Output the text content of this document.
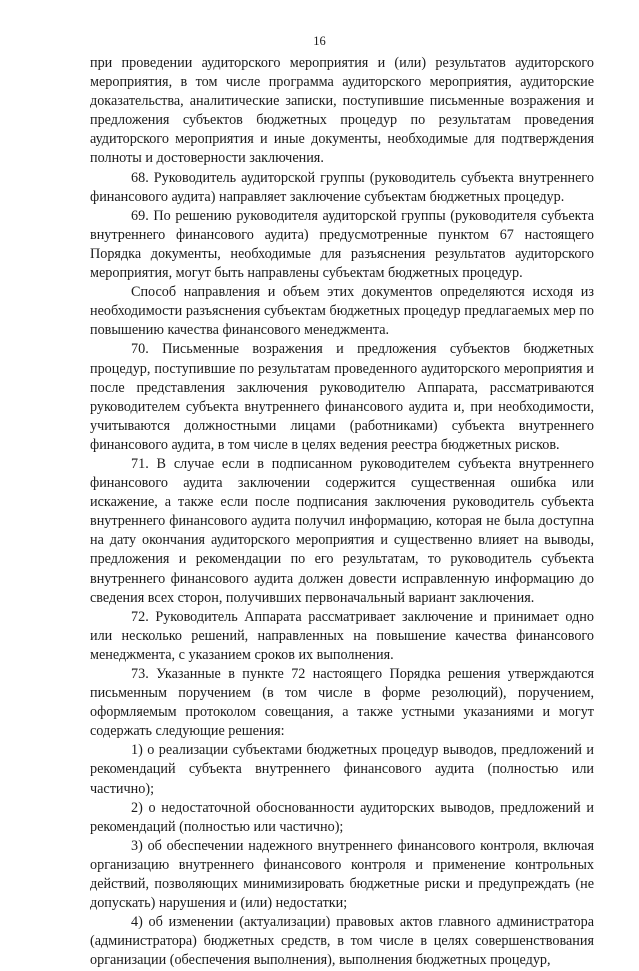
16

при проведении аудиторского мероприятия и (или) результатов аудиторского мероприятия, в том числе программа аудиторского мероприятия, аудиторские доказательства, аналитические записки, поступившие письменные возражения и предложения субъектов бюджетных процедур по результатам проведения аудиторского мероприятия и иные документы, необходимые для подтверждения полноты и достоверности заключения.

68. Руководитель аудиторской группы (руководитель субъекта внутреннего финансового аудита) направляет заключение субъектам бюджетных процедур.

69. По решению руководителя аудиторской группы (руководителя субъекта внутреннего финансового аудита) предусмотренные пунктом 67 настоящего Порядка документы, необходимые для разъяснения результатов аудиторского мероприятия, могут быть направлены субъектам бюджетных процедур.

Способ направления и объем этих документов определяются исходя из необходимости разъяснения субъектам бюджетных процедур предлагаемых мер по повышению качества финансового менеджмента.

70. Письменные возражения и предложения субъектов бюджетных процедур, поступившие по результатам проведенного аудиторского мероприятия и после представления заключения руководителю Аппарата, рассматриваются руководителем субъекта внутреннего финансового аудита и, при необходимости, учитываются должностными лицами (работниками) субъекта внутреннего финансового аудита, в том числе в целях ведения реестра бюджетных рисков.

71. В случае если в подписанном руководителем субъекта внутреннего финансового аудита заключении содержится существенная ошибка или искажение, а также если после подписания заключения руководитель субъекта внутреннего финансового аудита получил информацию, которая не была доступна на дату окончания аудиторского мероприятия и существенно влияет на выводы, предложения и рекомендации по его результатам, то руководитель субъекта внутреннего финансового аудита должен довести исправленную информацию до сведения всех сторон, получивших первоначальный вариант заключения.

72. Руководитель Аппарата рассматривает заключение и принимает одно или несколько решений, направленных на повышение качества финансового менеджмента, с указанием сроков их выполнения.

73. Указанные в пункте 72 настоящего Порядка решения утверждаются письменным поручением (в том числе в форме резолюций), поручением, оформляемым протоколом совещания, а также устными указаниями и могут содержать следующие решения:

1) о реализации субъектами бюджетных процедур выводов, предложений и рекомендаций субъекта внутреннего финансового аудита (полностью или частично);

2) о недостаточной обоснованности аудиторских выводов, предложений и рекомендаций (полностью или частично);

3) об обеспечении надежного внутреннего финансового контроля, включая организацию внутреннего финансового контроля и применение контрольных действий, позволяющих минимизировать бюджетные риски и предупреждать (не допускать) нарушения и (или) недостатки;

4) об изменении (актуализации) правовых актов главного администратора (администратора) бюджетных средств, в том числе в целях совершенствования организации (обеспечения выполнения), выполнения бюджетных процедур,
